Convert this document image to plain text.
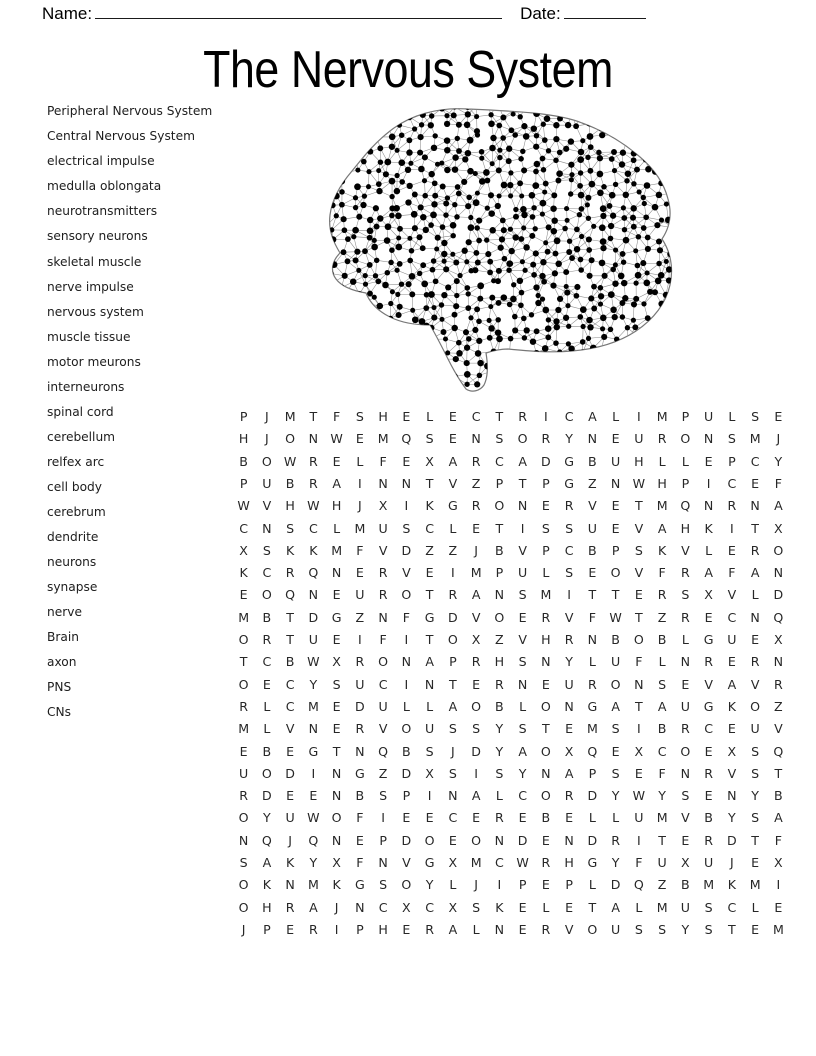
Name:	Date:
The Nervous System
Peripheral Nervous System
Central Nervous System
electrical impulse
medulla oblongata
neurotransmitters
sensory neurons
skeletal muscle
nerve impulse
nervous system
muscle tissue
motor meurons
interneurons
spinal cord
cerebellum
relfex arc
cell body
cerebrum
dendrite
neurons
synapse
nerve
Brain
axon
PNS
CNs
P	J	M	T	F	S	H	E	L	E	C	T	R	I	C	A	L	I	M	P	U	L	S	E
H	J	O	N W	E	M	Q	S	E	N	S	O	R	Y	N	E	U	R	O	N	S	M	J
B	O W	R	E	L	F	E	X	A	R	C	A	D	G	B	U	H	L	L	E	P	C	Y
P	U	B	R	A	I	N	N	T	V	Z	P	T	P	G	Z	N W H	P	I	C	E	F
W	V	H W H	J	X	I	K	G	R	O	N	E	R	V	E	T	M	Q	N	R	N	A
C	N	S	C	L	M	U	S	C	L	E	T	I	S	S	U	E	V	A	H	K	I	T	X
X	S	K	K	M	F	V	D	Z	Z	J	B	V	P	C	B	P	S	K	V	L	E	R	O
K	C	R	Q	N	E	R	V	E	I	M	P	U	L	S	E	O	V	F	R	A	F	A	N
E	O	Q	N	E	U	R	O	T	R	A	N	S	M	I	T	T	E	R	S	X	V	L	D
M	B	T	D	G	Z	N	F	G	D	V	O	E	R	V	F	W	T	Z	R	E	C	N	Q
O	R	T	U	E	I	F	I	T	O	X	Z	V	H	R	N	B	O	B	L	G	U	E	X
T	C	B	W	X	R	O	N	A	P	R	H	S	N	Y	L	U	F	L	N	R	E	R	N
O	E	C	Y	S	U	C	I	N	T	E	R	N	E	U	R	O	N	S	E	V	A	V	R
R	L	C	M	E	D	U	L	L	A	O	B	L	O	N	G	A	T	A	U	G	K	O	Z
M	L	V	N	E	R	V	O	U	S	S	Y	S	T	E	M	S	I	B	R	C	E	U	V
E	B	E	G	T	N	Q	B	S	J	D	Y	A	O	X	Q	E	X	C	O	E	X	S	Q
U	O	D	I	N	G	Z	D	X	S	I	S	Y	N	A	P	S	E	F	N	R	V	S	T
R	D	E	E	N	B	S	P	I	N	A	L	C	O	R	D	Y	W	Y	S	E	N	Y	B
O	Y	U W O	F	I	E	E	C	E	R	E	B	E	L	L	U	M	V	B	Y	S	A
N	Q	J	Q	N	E	P	D	O	E	O	N	D	E	N	D	R	I	T	E	R	D	T	F
S	A	K	Y	X	F	N	V	G	X	M	C	W	R	H	G	Y	F	U	X	U	J	E	X
O	K	N	M	K	G	S	O	Y	L	J	I	P	E	P	L	D	Q	Z	B	M	K	M	I
O	H	R	A	J	N	C	X	C	X	S	K	E	L	E	T	A	L	M	U	S	C	L	E
J	P	E	R	I	P	H	E	R	A	L	N	E	R	V	O	U	S	S	Y	S	T	E	M
